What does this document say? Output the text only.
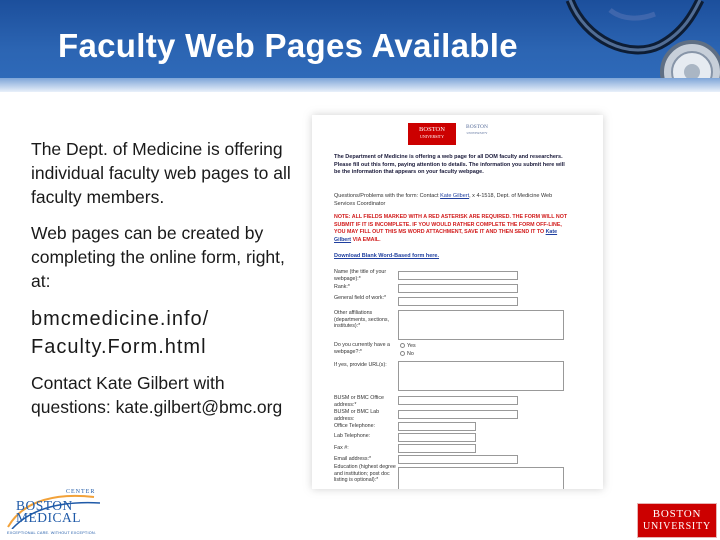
Faculty Web Pages Available

The Dept. of Medicine is offering individual faculty web pages to all faculty members.

Web pages can be created by completing the online form, right, at:

bmcmedicine.info/ Faculty.Form.html

Contact Kate Gilbert with questions: kate.gilbert@bmc.org

BOSTON
UNIVERSITY
BOSTON
UNIVERSITY
The Department of Medicine is offering a web page for all DOM faculty and researchers. Please fill out this form, paying attention to details. The information you submit here will be the information that appears on your faculty webpage.
Questions/Problems with the form: Contact Kate Gilbert, x 4-1518, Dept. of Medicine Web Services Coordinator
NOTE: ALL FIELDS MARKED WITH A RED ASTERISK ARE REQUIRED. THE FORM WILL NOT SUBMIT IF IT IS INCOMPLETE. IF YOU WOULD RATHER COMPLETE THE FORM OFF-LINE, YOU MAY FILL OUT THIS MS WORD ATTACHMENT, SAVE IT AND THEN SEND IT TO Kate Gilbert VIA EMAIL.
Download Blank Word-Based form here.
Name (the title of your webpage):*
Rank:*
General field of work:*
Other affiliations (departments, sections, institutes):*
Do you currently have a webpage?:*
Yes
No
If yes, provide URL(s):
BUSM or BMC Office address:*
BUSM or BMC Lab address:
Office Telephone:
Lab Telephone:
Fax #:
Email address:*
Education (highest degree and institution; post doc listing is optional):*
CENTER
BOSTON
MEDICAL
EXCEPTIONAL CARE. WITHOUT EXCEPTION.
BOSTON
UNIVERSITY
